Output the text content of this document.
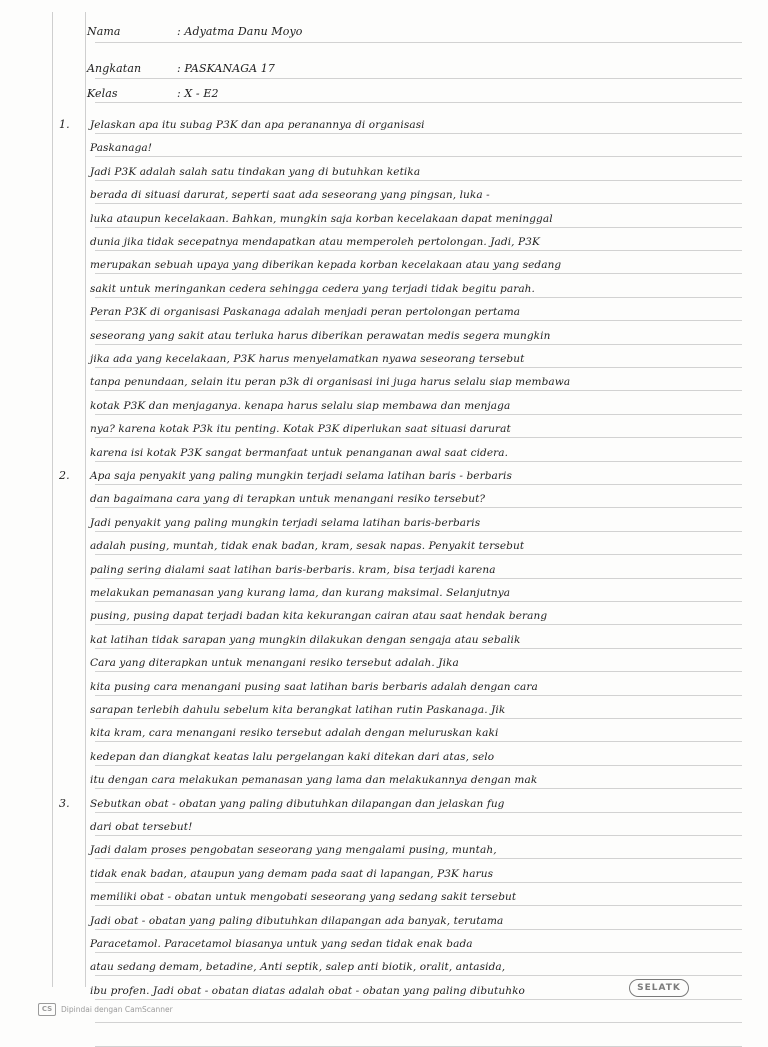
Nama	: Adyatma Danu Moyo
Angkatan	: PASKANAGA 17
Kelas	: X - E2
1. Jelaskan apa itu subag P3K dan apa peranannya di organisasi
Paskanaga!
Jadi P3K adalah salah satu tindakan yang di butuhkan ketika
berada di situasi darurat, seperti saat ada seseorang yang pingsan, luka -
luka ataupun kecelakaan. Bahkan, mungkin saja korban kecelakaan dapat meninggal
dunia jika tidak secepatnya mendapatkan atau memperoleh pertolongan. Jadi, P3K
merupakan sebuah upaya yang diberikan kepada korban kecelakaan atau yang sedang
sakit untuk meringankan cedera sehingga cedera yang terjadi tidak begitu parah.
Peran P3K di organisasi Paskanaga adalah menjadi peran pertolongan pertama
seseorang yang sakit atau terluka harus diberikan perawatan medis segera mungkin
jika ada yang kecelakaan, P3K harus menyelamatkan nyawa seseorang tersebut
tanpa penundaan, selain itu peran p3k di organisasi ini juga harus selalu siap membawa
kotak P3K dan menjaganya. kenapa harus selalu siap membawa dan menjaga
nya? karena kotak P3k itu penting. Kotak P3K diperlukan saat situasi darurat
karena isi kotak P3K sangat bermanfaat untuk penanganan awal saat cidera.
2. Apa saja penyakit yang paling mungkin terjadi selama latihan baris - berbaris
dan bagaimana cara yang di terapkan untuk menangani resiko tersebut?
Jadi penyakit yang paling mungkin terjadi selama latihan baris-berbaris
adalah pusing, muntah, tidak enak badan, kram, sesak napas. Penyakit tersebut
paling sering dialami saat latihan baris-berbaris. kram, bisa terjadi karena
melakukan pemanasan yang kurang lama, dan kurang maksimal. Selanjutnya
pusing, pusing dapat terjadi badan kita kekurangan cairan atau saat hendak berang
kat latihan tidak sarapan yang mungkin dilakukan dengan sengaja atau sebalik
Cara yang diterapkan untuk menangani resiko tersebut adalah. Jika
kita pusing cara menangani pusing saat latihan baris berbaris adalah dengan cara
sarapan terlebih dahulu sebelum kita berangkat latihan rutin Paskanaga. Jik
kita kram, cara menangani resiko tersebut adalah dengan meluruskan kaki
kedepan dan diangkat keatas lalu pergelangan kaki ditekan dari atas, selo
itu dengan cara melakukan pemanasan yang lama dan melakukannya dengan mak
3. Sebutkan obat - obatan yang paling dibutuhkan dilapangan dan jelaskan fug
dari obat tersebut!
Jadi dalam proses pengobatan seseorang yang mengalami pusing, muntah,
tidak enak badan, ataupun yang demam pada saat di lapangan, P3K harus
memiliki obat - obatan untuk mengobati seseorang yang sedang sakit tersebut
Jadi obat - obatan yang paling dibutuhkan dilapangan ada banyak, terutama
Paracetamol. Paracetamol biasanya untuk yang sedan tidak enak bada
atau sedang demam, betadine, Anti septik, salep anti biotik, oralit, antasida,
ibu profen. Jadi obat - obatan diatas adalah obat - obatan yang paling dibutuhko	SELATK
CS	Dipindai dengan CamScanner
